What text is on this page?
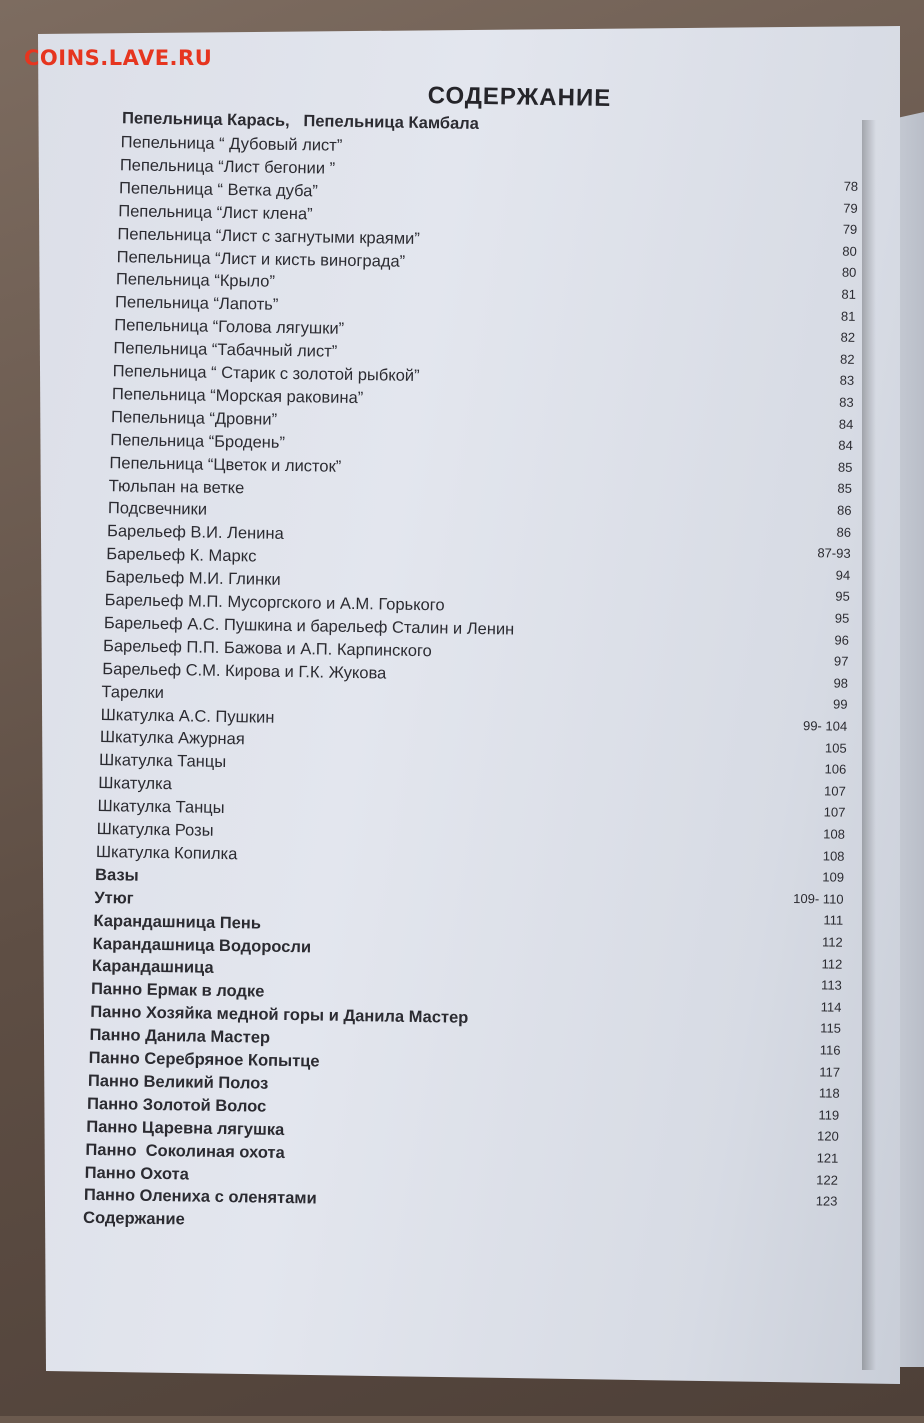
COINS.LAVE.RU
СОДЕРЖАНИЕ
Пепельница Карась,   Пепельница Камбала
Пепельница “ Дубовый лист”
Пепельница “Лист бегонии ”
Пепельница “ Ветка дуба”
Пепельница “Лист клена”
Пепельница “Лист с загнутыми краями”
Пепельница “Лист и кисть винограда”
Пепельница “Крыло”
Пепельница “Лапоть”
Пепельница “Голова лягушки”
Пепельница “Табачный лист”
Пепельница “ Старик с золотой рыбкой”
Пепельница “Морская раковина”
Пепельница “Дровни”
Пепельница “Бродень”
Пепельница “Цветок и листок”
Тюльпан на ветке
Подсвечники
Барельеф В.И. Ленина
Барельеф К. Маркс
Барельеф М.И. Глинки
Барельеф М.П. Мусоргского и А.М. Горького
Барельеф А.С. Пушкина и барельеф Сталин и Ленин
Барельеф П.П. Бажова и А.П. Карпинского
Барельеф С.М. Кирова и Г.К. Жукова
Тарелки
Шкатулка А.С. Пушкин
Шкатулка Ажурная
Шкатулка Танцы
Шкатулка
Шкатулка Танцы
Шкатулка Розы
Шкатулка Копилка
Вазы
Утюг
Карандашница Пень
Карандашница Водоросли
Карандашница
Панно Ермак в лодке
Панно Хозяйка медной горы и Данила Мастер
Панно Данила Мастер
Панно Серебряное Копытце
Панно Великий Полоз
Панно Золотой Волос
Панно Царевна лягушка
Панно  Соколиная охота
Панно Охота
Панно Олениха с оленятами
Содержание
78
79
79
80
80
81
81
82
82
83
83
84
84
85
85
86
86
87-93
94
95
95
96
97
98
99
99- 104
105
106
107
107
108
108
109
109- 110
111
112
112
113
114
115
116
117
118
119
120
121
122
123
